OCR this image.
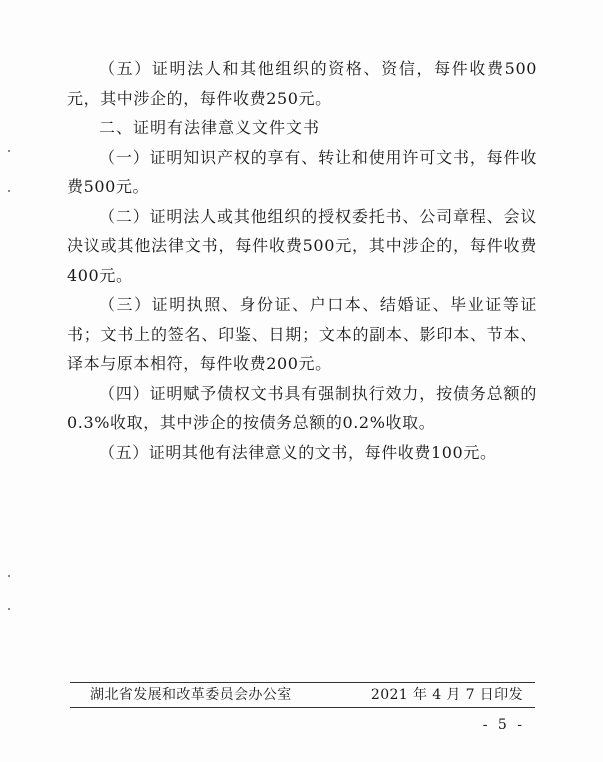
（五）证明法人和其他组织的资格、资信，每件收费500元，其中涉企的，每件收费250元。

二、证明有法律意义文件文书

（一）证明知识产权的享有、转让和使用许可文书，每件收费500元。

（二）证明法人或其他组织的授权委托书、公司章程、会议决议或其他法律文书，每件收费500元，其中涉企的，每件收费400元。

（三）证明执照、身份证、户口本、结婚证、毕业证等证书；文书上的签名、印鉴、日期；文本的副本、影印本、节本、译本与原本相符，每件收费200元。

（四）证明赋予债权文书具有强制执行效力，按债务总额的0.3%收取，其中涉企的按债务总额的0.2%收取。

（五）证明其他有法律意义的文书，每件收费100元。

湖北省发展和改革委员会办公室	2021 年 4 月 7 日印发
- 5 -
